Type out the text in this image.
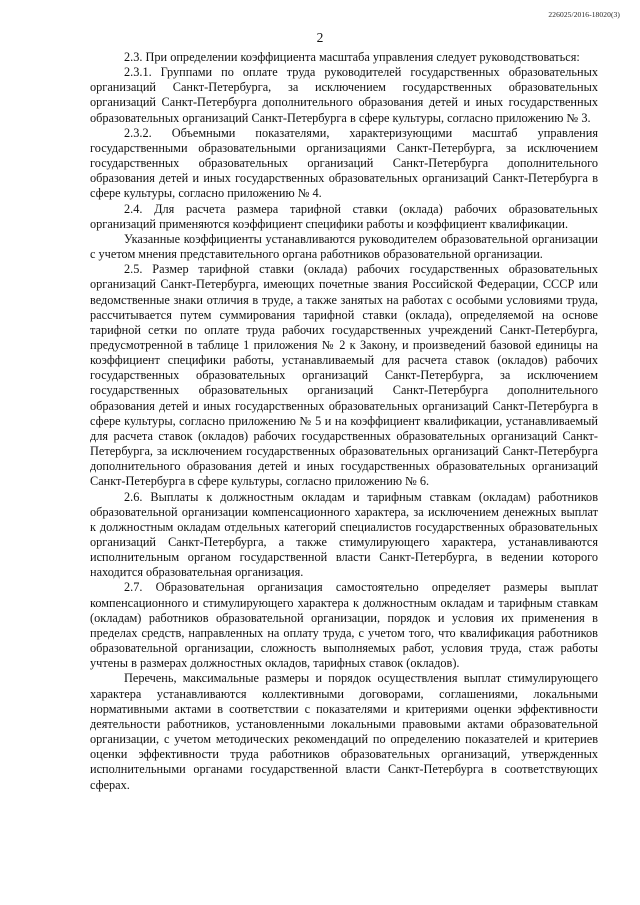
226025/2016-18020(3)
2

2.3. При определении коэффициента масштаба управления следует руководствоваться:

2.3.1. Группами по оплате труда руководителей государственных образовательных организаций Санкт-Петербурга, за исключением государственных образовательных организаций Санкт-Петербурга дополнительного образования детей и иных государственных образовательных организаций Санкт-Петербурга в сфере культуры, согласно приложению № 3.

2.3.2. Объемными показателями, характеризующими масштаб управления государственными образовательными организациями Санкт-Петербурга, за исключением государственных образовательных организаций Санкт-Петербурга дополнительного образования детей и иных государственных образовательных организаций Санкт-Петербурга в сфере культуры, согласно приложению № 4.

2.4. Для расчета размера тарифной ставки (оклада) рабочих образовательных организаций применяются коэффициент специфики работы и коэффициент квалификации.

Указанные коэффициенты устанавливаются руководителем образовательной организации с учетом мнения представительного органа работников образовательной организации.

2.5. Размер тарифной ставки (оклада) рабочих государственных образовательных организаций Санкт-Петербурга, имеющих почетные звания Российской Федерации, СССР или ведомственные знаки отличия в труде, а также занятых на работах с особыми условиями труда, рассчитывается путем суммирования тарифной ставки (оклада), определяемой на основе тарифной сетки по оплате труда рабочих государственных учреждений Санкт-Петербурга, предусмотренной в таблице 1 приложения № 2 к Закону, и произведений базовой единицы на коэффициент специфики работы, устанавливаемый для расчета ставок (окладов) рабочих государственных образовательных организаций Санкт-Петербурга, за исключением государственных образовательных организаций Санкт-Петербурга дополнительного образования детей и иных государственных образовательных организаций Санкт-Петербурга в сфере культуры, согласно приложению № 5 и на коэффициент квалификации, устанавливаемый для расчета ставок (окладов) рабочих государственных образовательных организаций Санкт-Петербурга, за исключением государственных образовательных организаций Санкт-Петербурга дополнительного образования детей и иных государственных образовательных организаций Санкт-Петербурга в сфере культуры, согласно приложению № 6.

2.6. Выплаты к должностным окладам и тарифным ставкам (окладам) работников образовательной организации компенсационного характера, за исключением денежных выплат к должностным окладам отдельных категорий специалистов государственных образовательных организаций Санкт-Петербурга, а также стимулирующего характера, устанавливаются исполнительным органом государственной власти Санкт-Петербурга, в ведении которого находится образовательная организация.

2.7. Образовательная организация самостоятельно определяет размеры выплат компенсационного и стимулирующего характера к должностным окладам и тарифным ставкам (окладам) работников образовательной организации, порядок и условия их применения в пределах средств, направленных на оплату труда, с учетом того, что квалификация работников образовательной организации, сложность выполняемых работ, условия труда, стаж работы учтены в размерах должностных окладов, тарифных ставок (окладов).

Перечень, максимальные размеры и порядок осуществления выплат стимулирующего характера устанавливаются коллективными договорами, соглашениями, локальными нормативными актами в соответствии с показателями и критериями оценки эффективности деятельности работников, установленными локальными правовыми актами образовательной организации, с учетом методических рекомендаций по определению показателей и критериев оценки эффективности труда работников образовательных организаций, утвержденных исполнительными органами государственной власти Санкт-Петербурга в соответствующих сферах.
